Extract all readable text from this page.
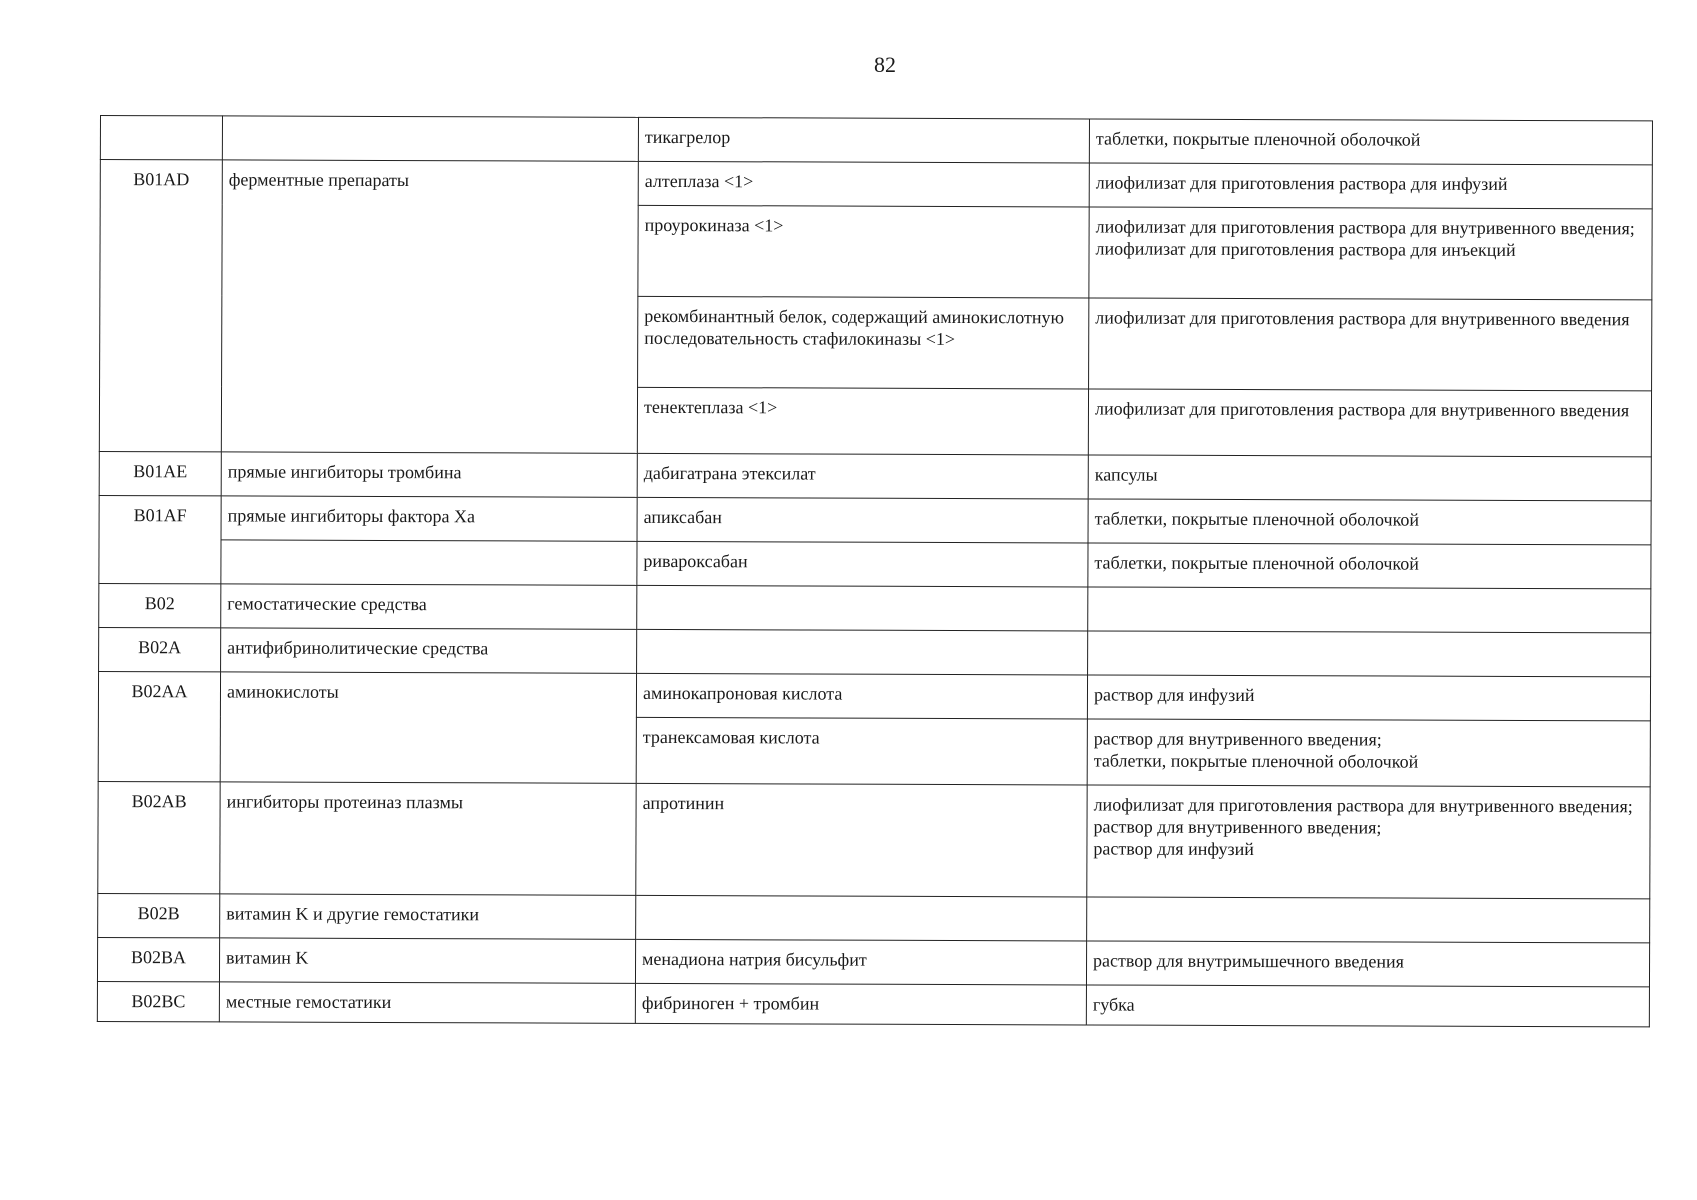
82
		тикагрелор	таблетки, покрытые пленочной оболочкой
B01AD	ферментные препараты	алтеплаза <1>	лиофилизат для приготовления раствора для инфузий
		проурокиназа <1>	лиофилизат для приготовления раствора для внутривенного введения;
лиофилизат для приготовления раствора для инъекций
		рекомбинантный белок, содержащий аминокислотную последовательность стафилокиназы <1>	лиофилизат для приготовления раствора для внутривенного введения
		тенектеплаза <1>	лиофилизат для приготовления раствора для внутривенного введения
B01AE	прямые ингибиторы тромбина	дабигатрана этексилат	капсулы
B01AF	прямые ингибиторы фактора Xa	апиксабан	таблетки, покрытые пленочной оболочкой
		ривароксабан	таблетки, покрытые пленочной оболочкой
B02	гемостатические средства		
B02A	антифибринолитические средства		
B02AA	аминокислоты	аминокапроновая кислота	раствор для инфузий
		транексамовая кислота	раствор для внутривенного введения;
таблетки, покрытые пленочной оболочкой
B02AB	ингибиторы протеиназ плазмы	апротинин	лиофилизат для приготовления раствора для внутривенного введения;
раствор для внутривенного введения;
раствор для инфузий
B02B	витамин K и другие гемостатики		
B02BA	витамин K	менадиона натрия бисульфит	раствор для внутримышечного введения
B02BC	местные гемостатики	фибриноген + тромбин	губка
